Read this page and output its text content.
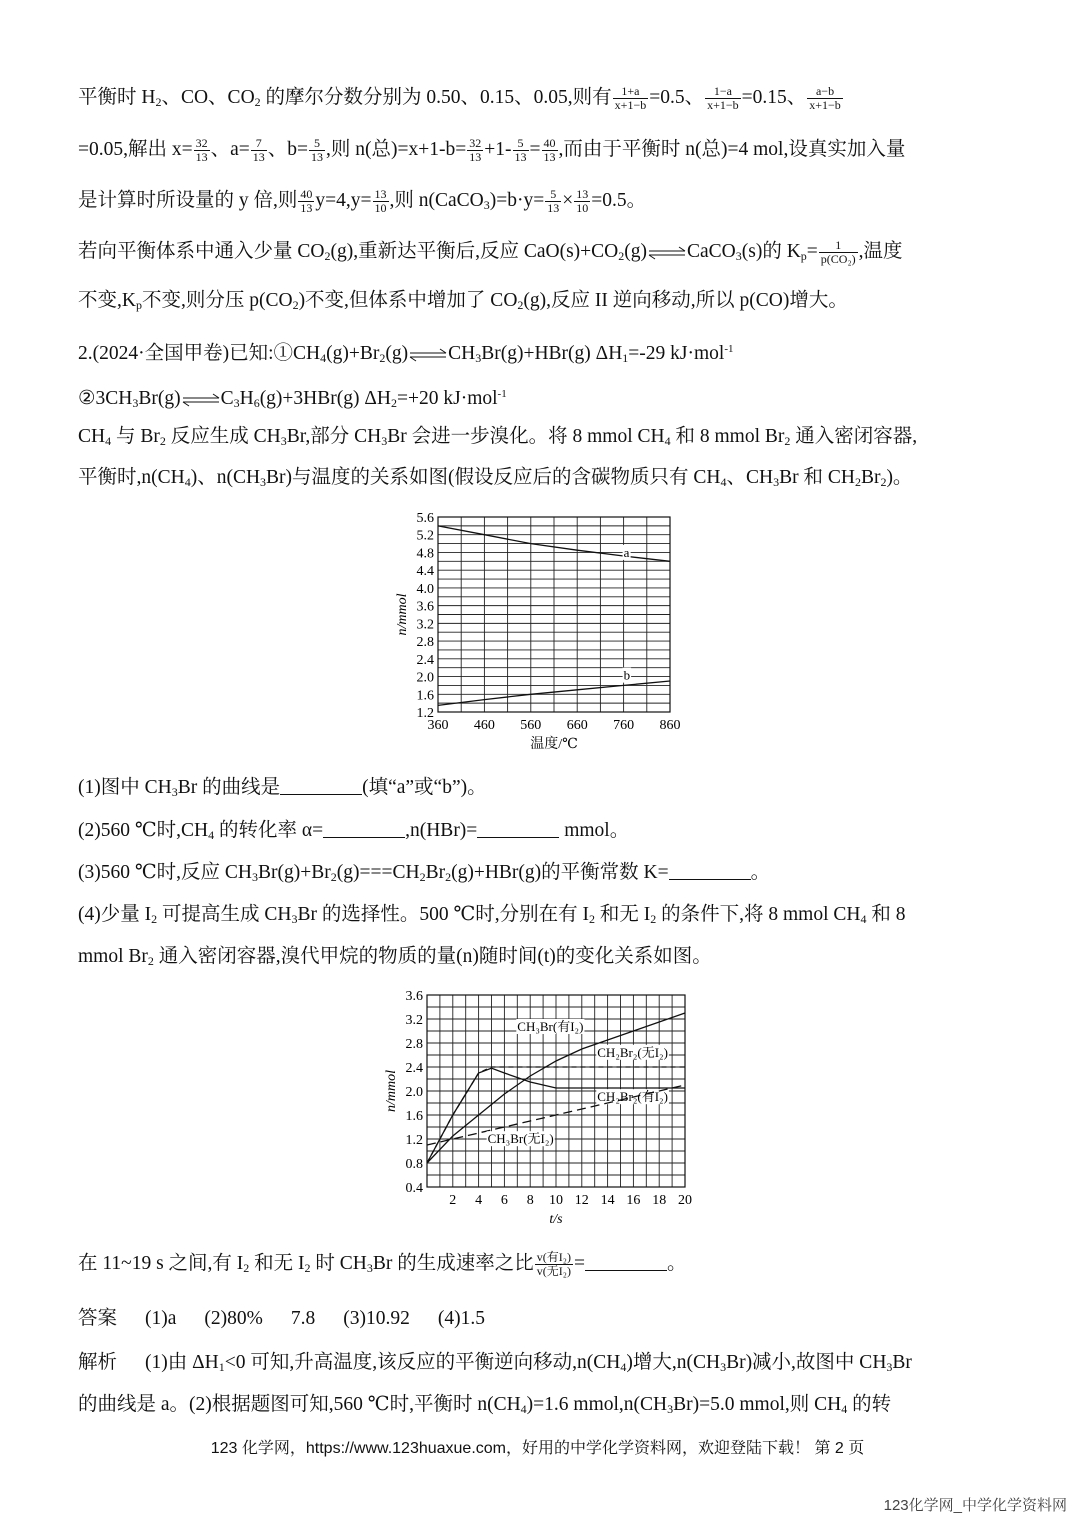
平衡时 $H_2$、CO、$CO_2$ 的摩尔分数分别为 0.50、0.15、0.05,则有 $\frac{1+a}{x+1-b} =0.5$、 $\frac{1-a}{x+1-b} =0.15$、 $\frac{a-b}{x+1-b}$
=0.05,解出 $x= \frac{32}{13}$ 、$a= \frac{7}{13}$ 、$b= \frac{5}{13}$ ,则 n(总)$=x+1-b= \frac{32}{13} +1- \frac{5}{13} = \frac{40}{13}$ ,而由于平衡时 n(总)=4 mol,设真实加入量
是计算时所设量的 y 倍,则 $\frac{40}{13} y=4,y= \frac{13}{10}$ ,则 n(CaCO$_3$)=b·y= $\frac{5}{13} \times \frac{13}{10} =0.5$。
若向平衡体系中通入少量 $CO_2(g)$,重新达平衡后,反应 $CaO(s)+CO_2(g)\rightleftharpoons CaCO_3(s)$的 $K_p= \frac{1}{\text{p(CO₂)}}$ ,温度
不变$,K_p$不变,则分压 $p(CO_2)$不变,但体系中增加了 $CO_2(g)$,反应 II 逆向移动,所以 p(CO)增大。
2.(2024·全国甲卷)已知$:①CH_4(g)+Br_2(g)\rightleftharpoons CH_3Br(g)+HBr(g)$ $\Delta H_1=-29$ kJ·mol$^{-1}$
$②3CH_3Br(g)\rightleftharpoons C_3H_6(g)+3HBr(g)$ $\Delta H_2=+20$ kJ·mol$^{-1}$
$CH_4$ 与 $Br_2$ 反应生成 $CH_3Br$,部分 $CH_3Br$ 会进一步溴化。将 8 mmol $CH_4$ 和 8 mmol $Br_2$ 通入密闭容器,
平衡时$,n(CH_4)$、$n(CH_3Br)$与温度的关系如图(假设反应后的含碳物质只有 $CH_4$、$CH_3Br$ 和 $CH_2Br_2$)。
1.2
1.6
2.0
2.4
2.8
3.2
3.6
4.0
4.4
4.8
5.2
5.6
360 460 560 660 760 860
n/mmol
温度/℃
a
b
(1)图中 $CH_3Br$ 的曲线是	(填“a”或“b”)。
(2)560 ℃时$,CH_4$ 的转化率 α=	,n(HBr)=	mmol。
(3)560 ℃时,反应 $CH_3Br(g)+Br_2(g)===CH_2Br_2(g)+HBr(g)$的平衡常数 K=	。
(4)少量 $I_2$ 可提高生成 $CH_3Br$ 的选择性。500 ℃时,分别在有 $I_2$ 和无 $I_2$ 的条件下,将 8 mmol $CH_4$ 和 8
mmol $Br_2$ 通入密闭容器,溴代甲烷的物质的量(n)随时间(t)的变化关系如图。
0.4
0.8
1.2
1.6
2.0
2.4
2.8
3.2
3.6
2 4 6 8 10 12 14 16 18 20
n/mmol
t/s
CH₃Br(有I₂)
CH₂Br₂(无I₂)
CH₂Br₂(有I₂)
CH₃Br(无I₂)
在 11~19 s 之间,有 $I_2$ 和无 $I_2$ 时 $CH_3Br$ 的生成速率之比 $\frac{\text{v(有I₂)}}{\text{v(无I₂)}}$ =	。
答案 (1)a (2)80% 7.8 (3)10.92 (4)1.5
解析 (1)由 $\Delta H_1<0$ 可知,升高温度,该反应的平衡逆向移动$,n(CH_4)$增大$,n(CH_3Br)$减小,故图中 $CH_3Br$
的曲线是 a。(2)根据题图可知,560 ℃时,平衡时 $n(CH_4)=1.6$ $mmol,n(CH_3Br)=5.0$ mmol,则 $CH_4$ 的转
123 化学网，https://www.123huaxue.com，好用的中学化学资料网，欢迎登陆下载！ 第 2 页
123化学网_中学化学资料网
